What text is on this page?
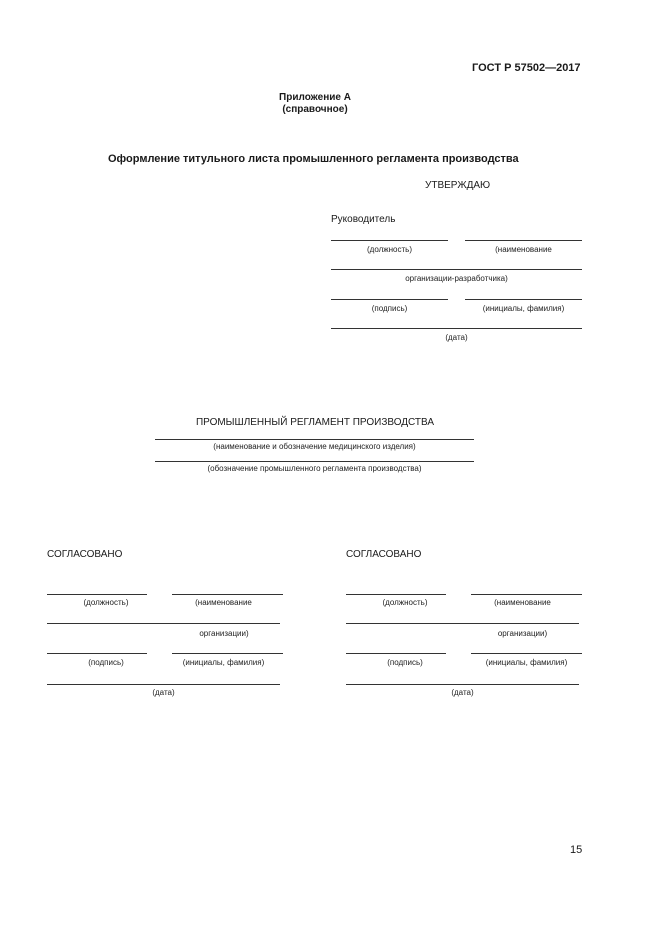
ГОСТ Р 57502—2017
Приложение А
(справочное)
Оформление титульного листа промышленного регламента производства
УТВЕРЖДАЮ
Руководитель
(должность)	(наименование
организации-разработчика)
(подпись)	(инициалы, фамилия)
(дата)
ПРОМЫШЛЕННЫЙ РЕГЛАМЕНТ ПРОИЗВОДСТВА
(наименование и обозначение медицинского изделия)
(обозначение промышленного регламента производства)
СОГЛАСОВАНО
(должность)	(наименование
организации)
(подпись)	(инициалы, фамилия)
(дата)
СОГЛАСОВАНО
(должность)	(наименование
организации)
(подпись)	(инициалы, фамилия)
(дата)
15
